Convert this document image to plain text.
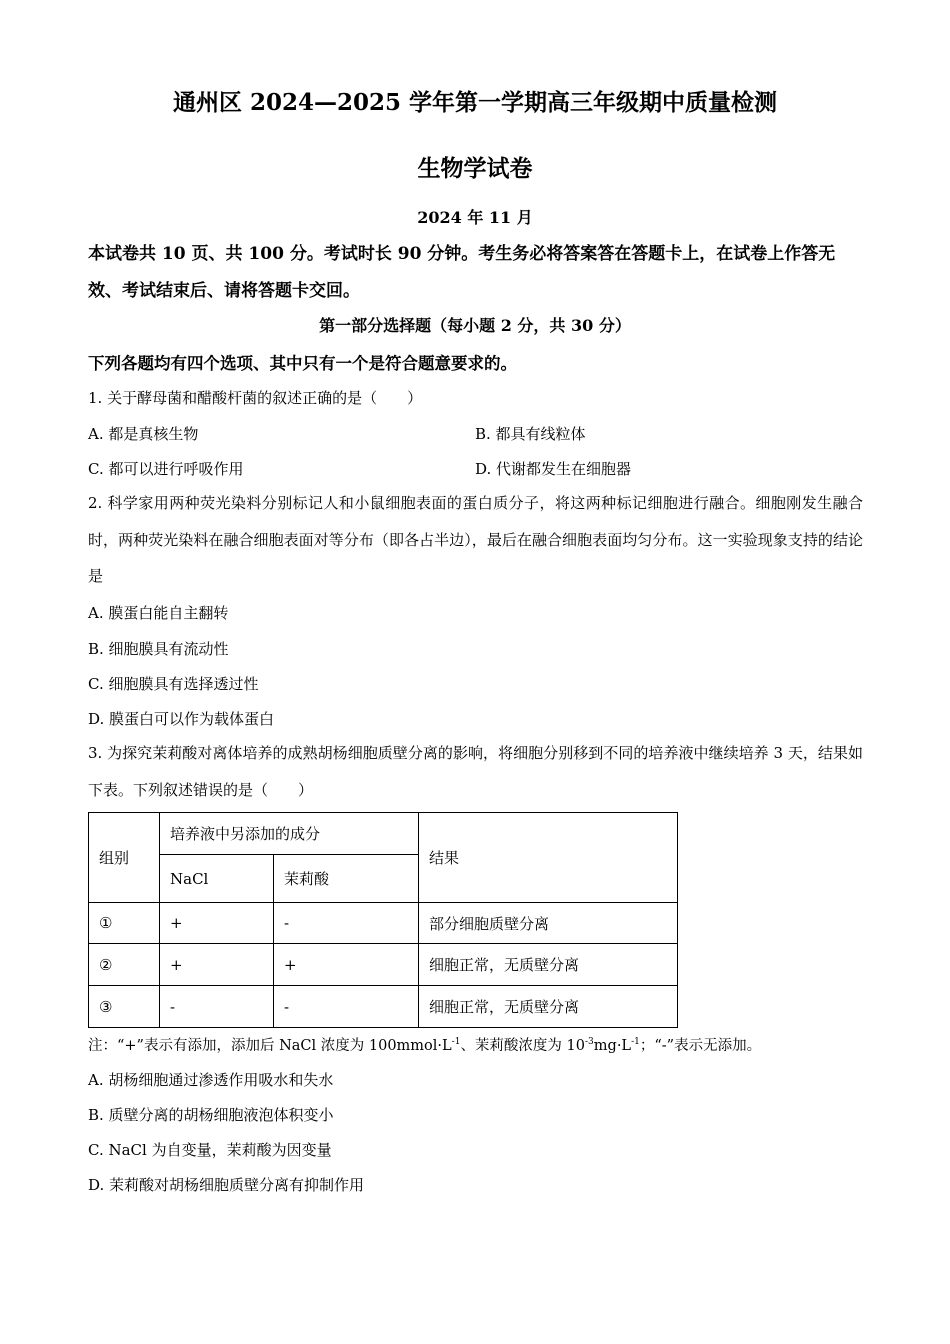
通州区 2024—2025 学年第一学期高三年级期中质量检测
生物学试卷
2024 年 11 月
本试卷共 10 页、共 100 分。考试时长 90 分钟。考生务必将答案答在答题卡上，在试卷上作答无效、考试结束后、请将答题卡交回。
第一部分选择题（每小题 2 分，共 30 分）
下列各题均有四个选项、其中只有一个是符合题意要求的。
1. 关于酵母菌和醋酸杆菌的叙述正确的是（　　）
A. 都是真核生物	B. 都具有线粒体
C. 都可以进行呼吸作用	D. 代谢都发生在细胞器
2. 科学家用两种荧光染料分别标记人和小鼠细胞表面的蛋白质分子，将这两种标记细胞进行融合。细胞刚发生融合时，两种荧光染料在融合细胞表面对等分布（即各占半边），最后在融合细胞表面均匀分布。这一实验现象支持的结论是
A. 膜蛋白能自主翻转
B. 细胞膜具有流动性
C. 细胞膜具有选择透过性
D. 膜蛋白可以作为载体蛋白
3. 为探究茉莉酸对离体培养的成熟胡杨细胞质壁分离的影响，将细胞分别移到不同的培养液中继续培养 3 天，结果如下表。下列叙述错误的是（　　）
组别	培养液中另添加的成分		结果
	NaCl	茉莉酸	
①	+	-	部分细胞质壁分离
②	+	+	细胞正常，无质壁分离
③	-	-	细胞正常，无质壁分离
注：“+”表示有添加，添加后 NaCl 浓度为 $100mmol\cdot L^{-1}$、茉莉酸浓度为 $10^{-3}mg\cdot L^{-1}$；“-”表示无添加。
A. 胡杨细胞通过渗透作用吸水和失水
B. 质壁分离的胡杨细胞液泡体积变小
C. NaCl 为自变量，茉莉酸为因变量
D. 茉莉酸对胡杨细胞质壁分离有抑制作用
